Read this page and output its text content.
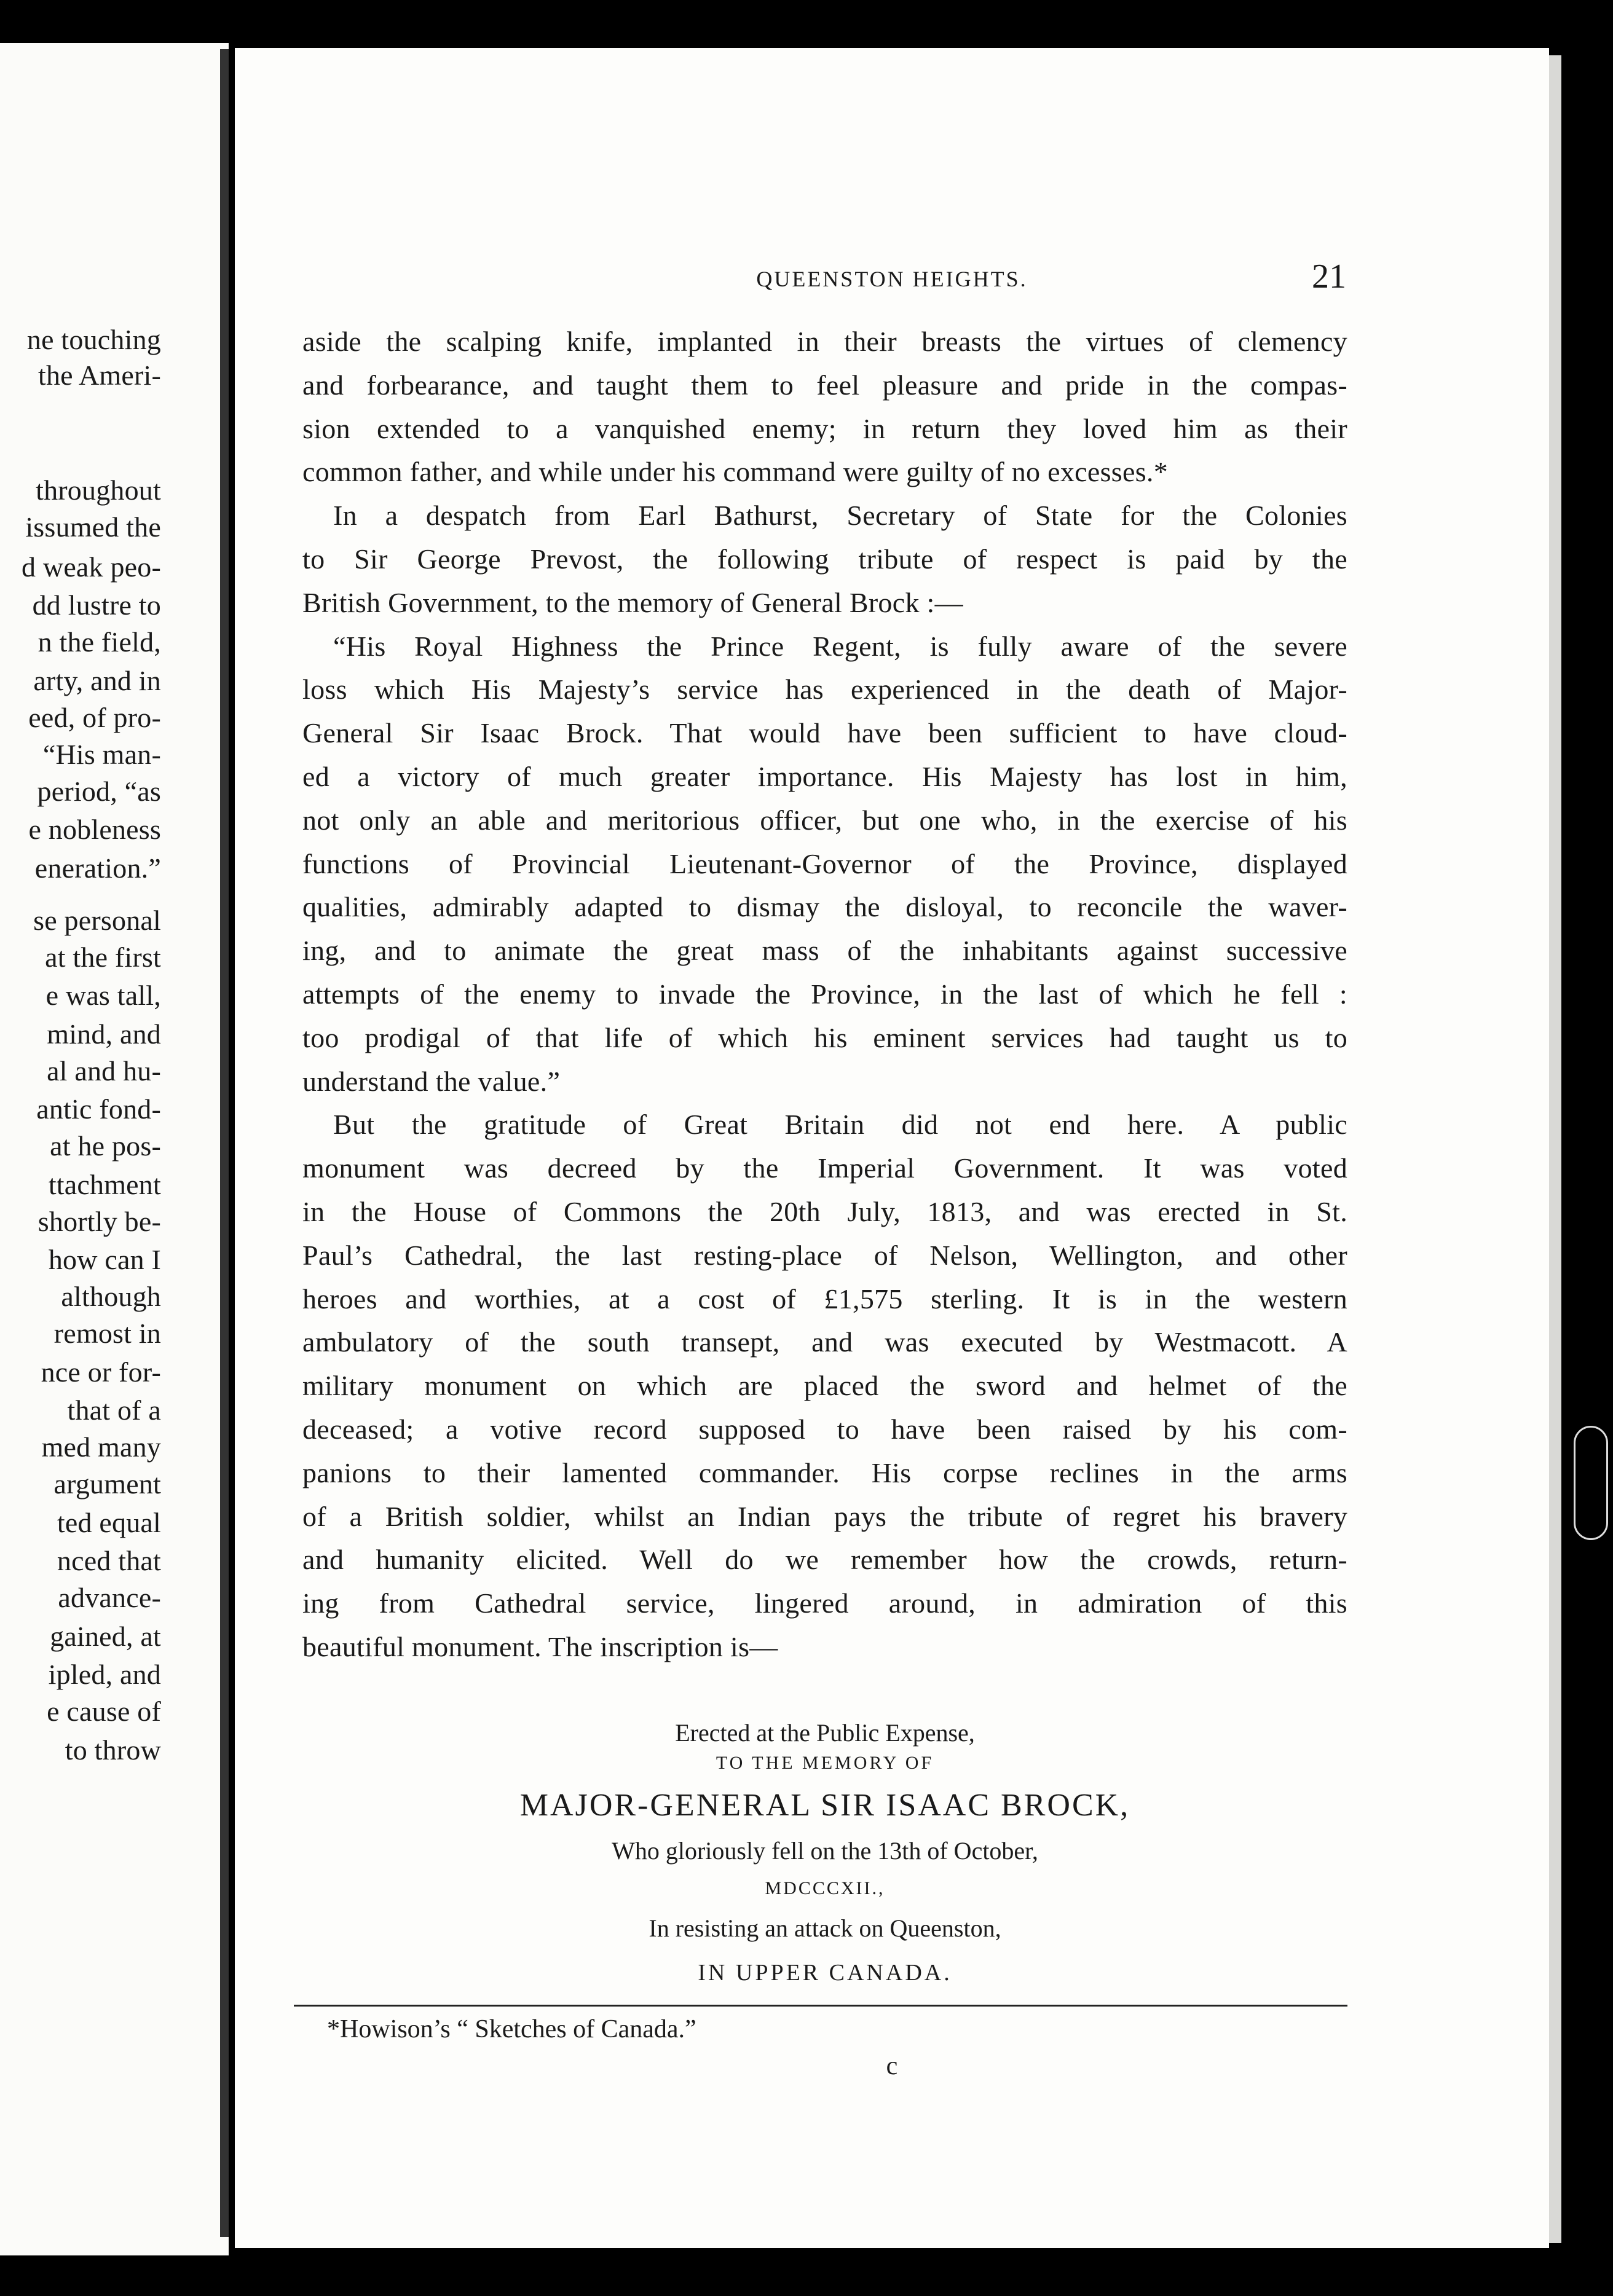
ne touching
the Ameri-
throughout
issumed the
d weak peo-
dd lustre to
n the field,
arty, and in
eed, of pro-
“His man-
period, “as
e nobleness
eneration.”
se personal
at the first
e was tall,
mind, and
al and hu-
antic fond-
at he pos-
ttachment
shortly be-
how can I
although
remost in
nce or for-
that of a
med many
argument
ted equal
nced that
advance-
gained, at
ipled, and
e cause of
to throw
QUEENSTON HEIGHTS.	21
aside the scalping knife, implanted in their breasts the virtues of clemency
and forbearance, and taught them to feel pleasure and pride in the compas-
sion extended to a vanquished enemy; in return they loved him as their
common father, and while under his command were guilty of no excesses.*
In a despatch from Earl Bathurst, Secretary of State for the Colonies
to Sir George Prevost, the following tribute of respect is paid by the
British Government, to the memory of General Brock :—
“His Royal Highness the Prince Regent, is fully aware of the severe
loss which His Majesty’s service has experienced in the death of Major-
General Sir Isaac Brock. That would have been sufficient to have cloud-
ed a victory of much greater importance. His Majesty has lost in him,
not only an able and meritorious officer, but one who, in the exercise of his
functions of Provincial Lieutenant-Governor of the Province, displayed
qualities, admirably adapted to dismay the disloyal, to reconcile the waver-
ing, and to animate the great mass of the inhabitants against successive
attempts of the enemy to invade the Province, in the last of which he fell :
too prodigal of that life of which his eminent services had taught us to
understand the value.”
But the gratitude of Great Britain did not end here. A public
monument was decreed by the Imperial Government. It was voted
in the House of Commons the 20th July, 1813, and was erected in St.
Paul’s Cathedral, the last resting-place of Nelson, Wellington, and other
heroes and worthies, at a cost of £1,575 sterling. It is in the western
ambulatory of the south transept, and was executed by Westmacott. A
military monument on which are placed the sword and helmet of the
deceased; a votive record supposed to have been raised by his com-
panions to their lamented commander. His corpse reclines in the arms
of a British soldier, whilst an Indian pays the tribute of regret his bravery
and humanity elicited. Well do we remember how the crowds, return-
ing from Cathedral service, lingered around, in admiration of this
beautiful monument. The inscription is—
Erected at the Public Expense,
TO THE MEMORY OF
MAJOR-GENERAL SIR ISAAC BROCK,
Who gloriously fell on the 13th of October,
MDCCCXII.,
In resisting an attack on Queenston,
IN UPPER CANADA.
*Howison’s “ Sketches of Canada.”
c
